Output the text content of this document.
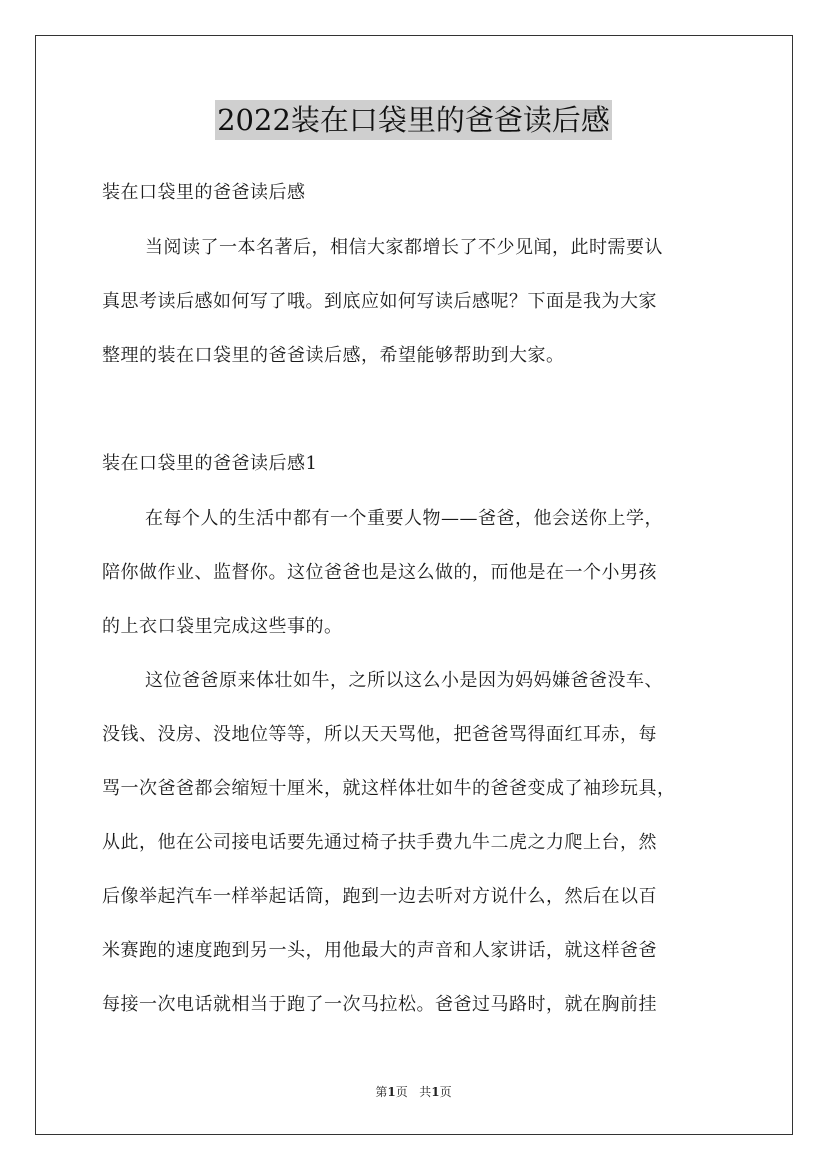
2022装在口袋里的爸爸读后感
装在口袋里的爸爸读后感
当阅读了一本名著后，相信大家都增长了不少见闻，此时需要认
真思考读后感如何写了哦。到底应如何写读后感呢？下面是我为大家
整理的装在口袋里的爸爸读后感，希望能够帮助到大家。
装在口袋里的爸爸读后感1
在每个人的生活中都有一个重要人物——爸爸，他会送你上学，
陪你做作业、监督你。这位爸爸也是这么做的，而他是在一个小男孩
的上衣口袋里完成这些事的。
这位爸爸原来体壮如牛，之所以这么小是因为妈妈嫌爸爸没车、
没钱、没房、没地位等等，所以天天骂他，把爸爸骂得面红耳赤，每
骂一次爸爸都会缩短十厘米，就这样体壮如牛的爸爸变成了袖珍玩具，
从此，他在公司接电话要先通过椅子扶手费九牛二虎之力爬上台，然
后像举起汽车一样举起话筒，跑到一边去听对方说什么，然后在以百
米赛跑的速度跑到另一头，用他最大的声音和人家讲话，就这样爸爸
每接一次电话就相当于跑了一次马拉松。爸爸过马路时，就在胸前挂
第1页 共1页
